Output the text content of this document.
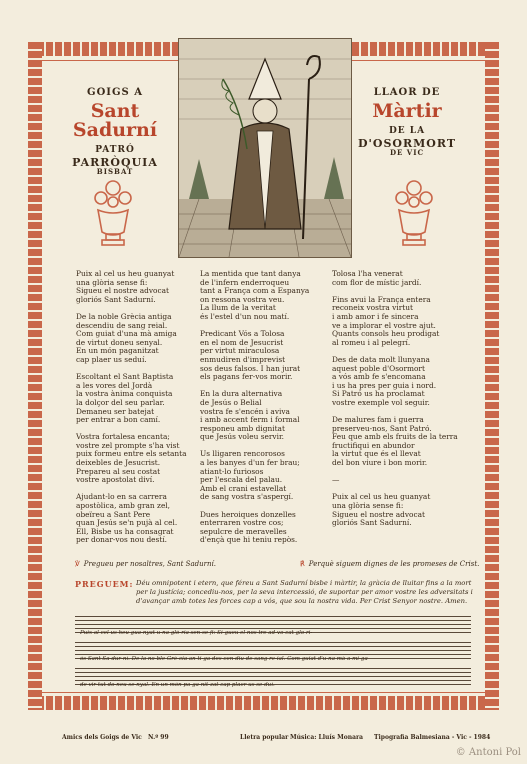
GOIGS A
Sant Sadurní
PATRÓ
PARRÒQUIA
BISBAT
LLAOR DE
Màrtir
DE LA
D'OSORMORT
DE VIC
Puix al cel us heu guanyat
una glòria sense fi:
Sigueu el nostre advocat
gloriós Sant Sadurní.

De la noble Grècia antiga
descendiu de sang reial.
Com guiat d'una mà amiga
de virtut doneu senyal.
En un món paganitzat
cap plaer us seduí.

Escoltant el Sant Baptista
a les vores del Jordà
la vostra ànima conquista
la dolçor del seu parlar.
Demaneu ser batejat
per entrar a bon camí.

Vostra fortalesa encanta;
vostre zel prompte s'ha vist
puix formeu entre els setanta
deixebles de Jesucrist.
Prepareu al seu costat
vostre apostolat diví.

Ajudant-lo en sa carrera
apostòlica, amb gran zel,
obeïreu a Sant Pere
quan Jesús se'n pujà al cel.
Ell, Bisbe us ha consagrat
per donar-vos nou destí.
La mentida que tant danya
de l'infern enderroqueu
tant a França com a Espanya
on ressona vostra veu.
La llum de la veritat
és l'estel d'un nou matí.

Predicant Vós a Tolosa
en el nom de Jesucrist
per virtut miraculosa
enmudiren d'imprevist
sos deus falsos. I han jurat
els pagans fer-vos morir.

En la dura alternativa
de Jesús o Belial
vostra fe s'encén i aviva
i amb accent ferm i formal
responeu amb dignitat
que Jesús voleu servir.

Us lligaren rencorosos
a les banyes d'un fer brau;
atiant-lo furiosos
per l'escala del palau.
Amb el crani estavellat
de sang vostra s'aspergí.

Dues heroiques donzelles
enterraren vostre cos;
sepulcre de meravelles
d'ençà que hi teniu repòs.
Tolosa l'ha venerat
com flor de místic jardí.

Fins avui la França entera
reconeix vostra virtut
i amb amor i fe sincera
ve a implorar el vostre ajut.
Quants consols heu prodigat
al romeu i al pelegrí.

Des de data molt llunyana
aquest poble d'Osormort
a vós amb fe s'encomana
i us ha pres per guia i nord.
Si Patró us ha proclamat
vostre exemple vol seguir.

De malures fam i guerra
preserveu-nos, Sant Patró.
Feu que amb els fruits de la terra
fructifiqui en abundor
la virtut que és el llevat
del bon viure i bon morir.

—

Puix al cel us heu guanyat
una glòria sense fi:
Sigueu el nostre advocat
gloriós Sant Sadurní.
℣ Pregueu per nosaltres, Sant Sadurní.	℟ Perquè siguem dignes de les promeses de Crist.
PREGUEM: Déu omnipotent i etern, que féreu a Sant Sadurní bisbe i màrtir, la gràcia de lluitar fins a la mort per la justícia; concediu-nos, per la seva intercessió, de suportar per amor vostre les adversitats i d'avançar amb totes les forces cap a vós, que sou la nostra vida. Per Crist Senyor nostre. Amen.
Puix al cel us heu gua-nyat u-na glò-ria sen-se fi: Si-gueu el nos-tre ad-vo-cat glo-ri-
ós Sant Sa-dur-ní. De la no-ble Grè-cia an-ti-ga des-cen-diu de sang re-ial. Com guiat d'u-na mà a-mi-ga
de vir-tut do-neu se-nyal. En un món pa-ga-nit-zat cap plaer us se-duí.
Amics dels Goigs de Vic N.º 99	Lletra popular Música: Lluís Monara Tipografia Balmesiana - Vic - 1984
© Antoni Pol
